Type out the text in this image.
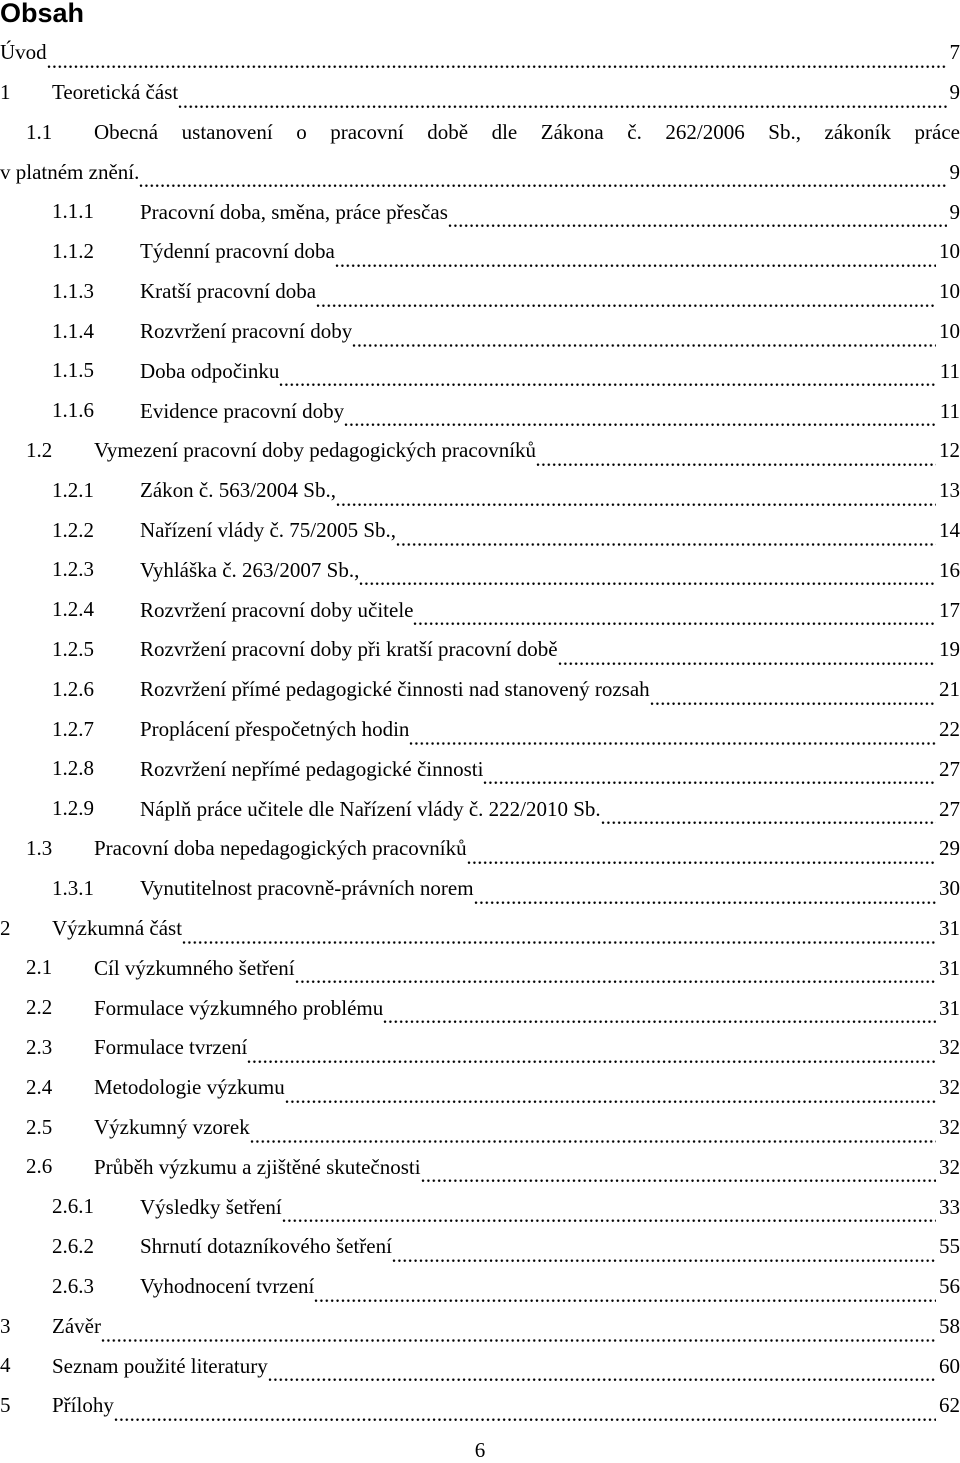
Obsah
Úvod	7
1 Teoretická část	9
1.1 Obecná ustanovení o pracovní době dle Zákona č. 262/2006 Sb., zákoník práce
v platném znění.	9
1.1.1 Pracovní doba, směna, práce přesčas	9
1.1.2 Týdenní pracovní doba	10
1.1.3 Kratší pracovní doba	10
1.1.4 Rozvržení pracovní doby	10
1.1.5 Doba odpočinku	11
1.1.6 Evidence pracovní doby	11
1.2 Vymezení pracovní doby pedagogických pracovníků	12
1.2.1 Zákon č. 563/2004 Sb.,	13
1.2.2 Nařízení vlády č. 75/2005 Sb.,	14
1.2.3 Vyhláška č. 263/2007 Sb.,	16
1.2.4 Rozvržení pracovní doby učitele	17
1.2.5 Rozvržení pracovní doby při kratší pracovní době	19
1.2.6 Rozvržení přímé pedagogické činnosti nad stanovený rozsah	21
1.2.7 Proplácení přespočetných hodin	22
1.2.8 Rozvržení nepřímé pedagogické činnosti	27
1.2.9 Náplň práce učitele dle Nařízení vlády č. 222/2010 Sb.	27
1.3 Pracovní doba nepedagogických pracovníků	29
1.3.1 Vynutitelnost pracovně-právních norem	30
2 Výzkumná část	31
2.1 Cíl výzkumného šetření	31
2.2 Formulace výzkumného problému	31
2.3 Formulace tvrzení	32
2.4 Metodologie výzkumu	32
2.5 Výzkumný vzorek	32
2.6 Průběh výzkumu a zjištěné skutečnosti	32
2.6.1 Výsledky šetření	33
2.6.2 Shrnutí dotazníkového šetření	55
2.6.3 Vyhodnocení tvrzení	56
3 Závěr	58
4 Seznam použité literatury	60
5 Přílohy	62
6
